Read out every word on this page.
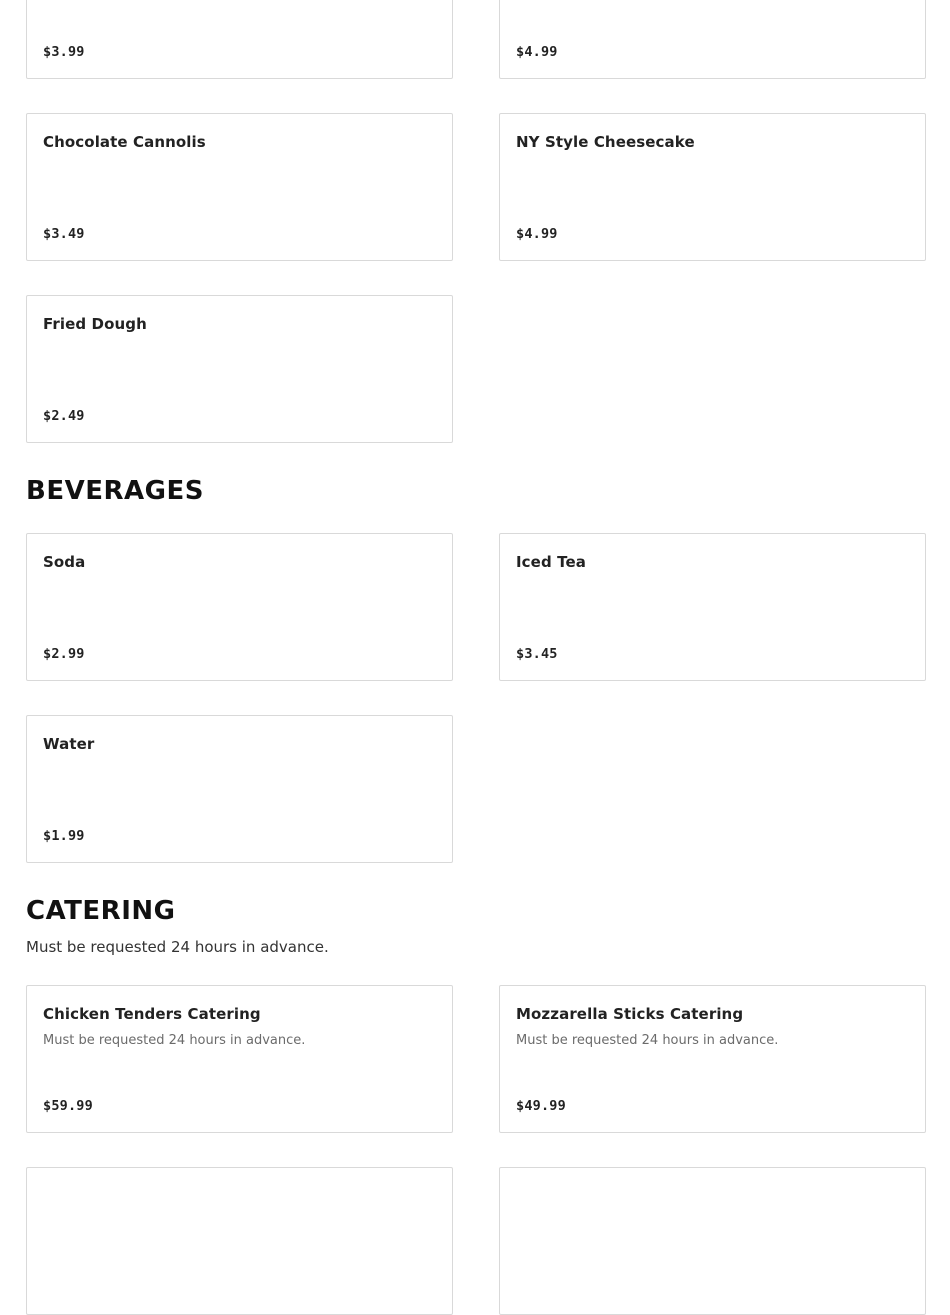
$3.99	$4.99
Chocolate Cannolis
$3.49
NY Style Cheesecake
$4.99
Fried Dough
$2.49
BEVERAGES
Soda
$2.99
Iced Tea
$3.45
Water
$1.99
CATERING
Must be requested 24 hours in advance.
Chicken Tenders Catering
Must be requested 24 hours in advance.
$59.99
Mozzarella Sticks Catering
Must be requested 24 hours in advance.
$49.99
